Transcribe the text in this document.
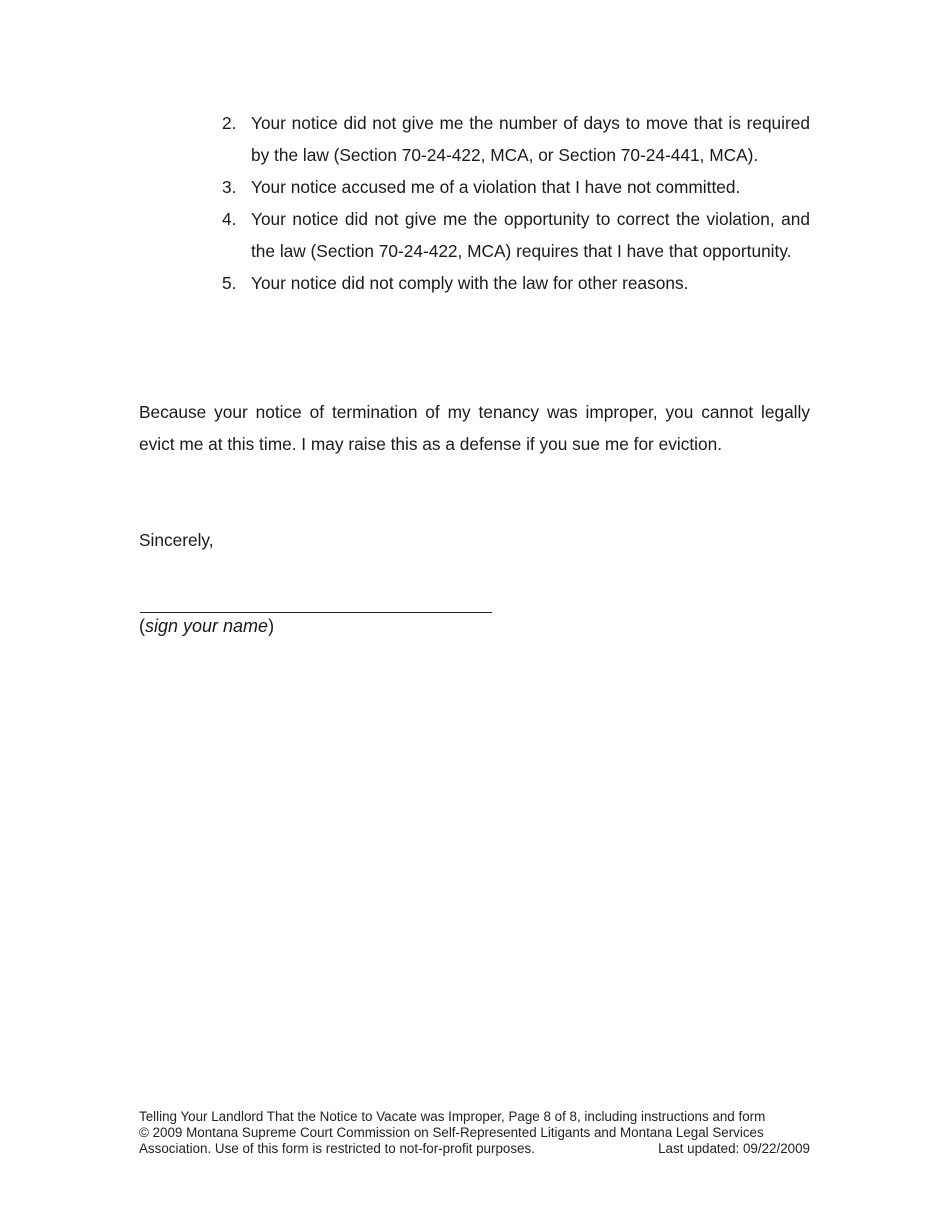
2. Your notice did not give me the number of days to move that is required by the law (Section 70-24-422, MCA, or Section 70-24-441, MCA).
3. Your notice accused me of a violation that I have not committed.
4. Your notice did not give me the opportunity to correct the violation, and the law (Section 70-24-422, MCA) requires that I have that opportunity.
5. Your notice did not comply with the law for other reasons.

Because your notice of termination of my tenancy was improper, you cannot legally evict me at this time. I may raise this as a defense if you sue me for eviction.

Sincerely,

(sign your name)
Telling Your Landlord That the Notice to Vacate was Improper, Page 8 of 8, including instructions and form
© 2009 Montana Supreme Court Commission on Self-Represented Litigants and Montana Legal Services
Association. Use of this form is restricted to not-for-profit purposes.	Last updated: 09/22/2009
